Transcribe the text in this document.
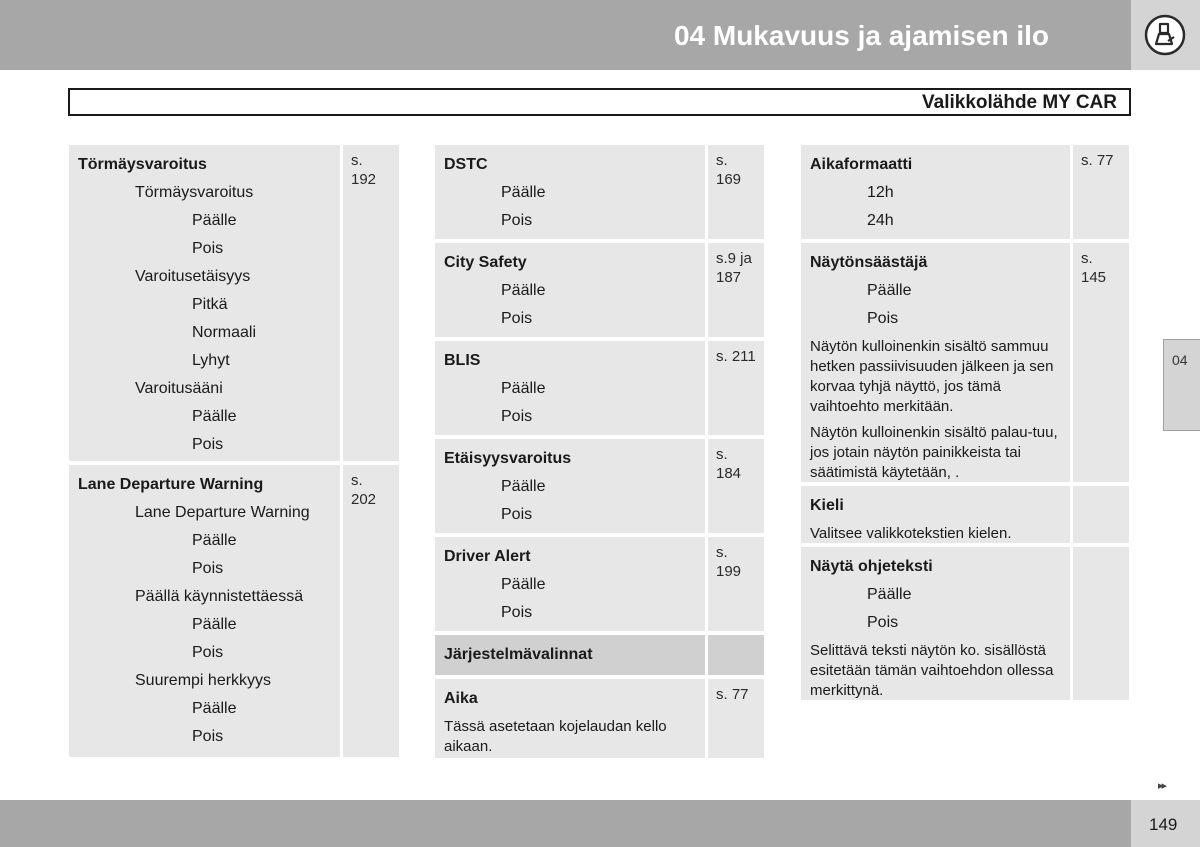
04 Mukavuus ja ajamisen ilo
Valikkolähde MY CAR
Törmäysvaroitus
Törmäysvaroitus
Päälle
Pois
Varoitusetäisyys
Pitkä
Normaali
Lyhyt
Varoitusääni
Päälle
Pois
s. 192
Lane Departure Warning
Lane Departure Warning
Päälle
Pois
Päällä käynnistettäessä
Päälle
Pois
Suurempi herkkyys
Päälle
Pois
s. 202
DSTC
Päälle
Pois
s. 169
City Safety
Päälle
Pois
s.9 ja 187
BLIS
Päälle
Pois
s. 211
Etäisyysvaroitus
Päälle
Pois
s. 184
Driver Alert
Päälle
Pois
s. 199
Järjestelmävalinnat
Aika
Tässä asetetaan kojelaudan kello aikaan.
s. 77
Aikaformaatti
12h
24h
s. 77
Näytönsäästäjä
Päälle
Pois
Näytön kulloinenkin sisältö sammuu hetken passiivisuuden jälkeen ja sen korvaa tyhjä näyttö, jos tämä vaihtoehto merkitään.
Näytön kulloinenkin sisältö palau-tuu, jos jotain näytön painikkeista tai säätimistä käytetään, .
s. 145
Kieli
Valitsee valikkotekstien kielen.
Näytä ohjeteksti
Päälle
Pois
Selittävä teksti näytön ko. sisällöstä esitetään tämän vaihtoehdon ollessa merkittynä.
04
▸▸
149
